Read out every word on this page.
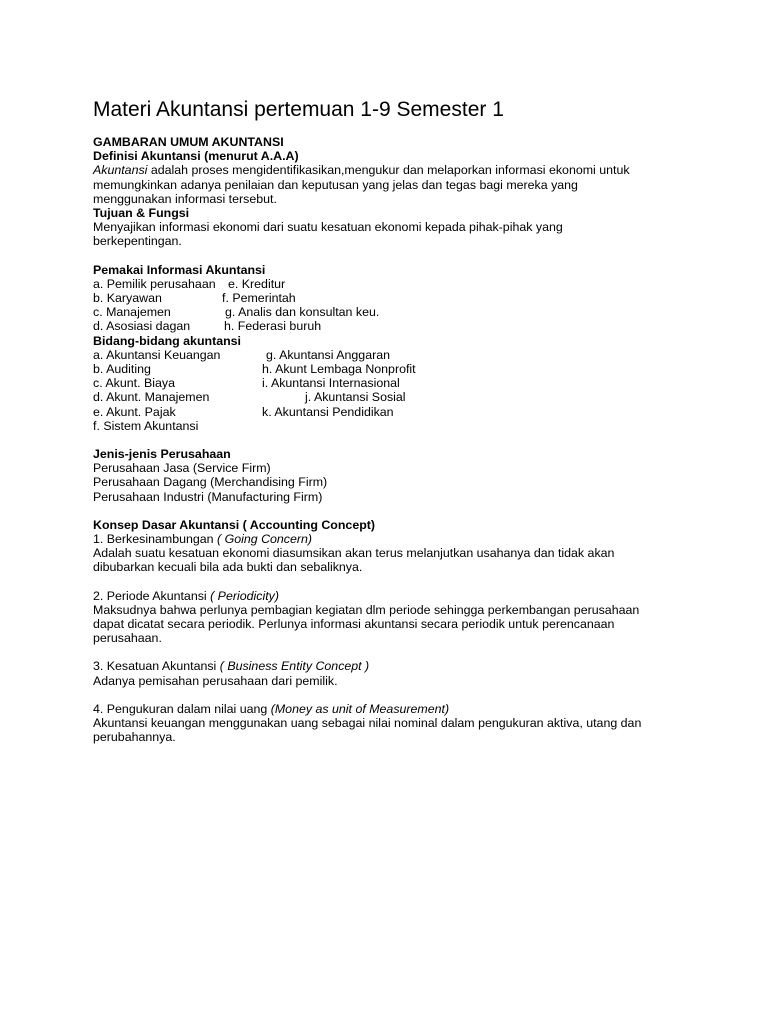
Materi Akuntansi pertemuan 1-9 Semester 1
GAMBARAN UMUM AKUNTANSI
Definisi Akuntansi (menurut A.A.A)
Akuntansi adalah proses mengidentifikasikan,mengukur dan melaporkan informasi ekonomi untuk memungkinkan adanya penilaian dan keputusan yang jelas dan tegas bagi mereka yang menggunakan informasi tersebut.
Tujuan & Fungsi
Menyajikan informasi ekonomi dari suatu kesatuan ekonomi kepada pihak-pihak yang berkepentingan.
Pemakai Informasi Akuntansi
a. Pemilik perusahaan e. Kreditur
b. Karyawan	f. Pemerintah
c. Manajemen	g. Analis dan konsultan keu.
d. Asosiasi dagan	h. Federasi buruh
Bidang-bidang akuntansi
a. Akuntansi Keuangan	g. Akuntansi Anggaran
b. Auditing	h. Akunt Lembaga Nonprofit
c. Akunt. Biaya	i. Akuntansi Internasional
d. Akunt. Manajemen	j. Akuntansi Sosial
e. Akunt. Pajak	k. Akuntansi Pendidikan
f. Sistem Akuntansi
Jenis-jenis Perusahaan
Perusahaan Jasa (Service Firm)
Perusahaan Dagang (Merchandising Firm)
Perusahaan Industri (Manufacturing Firm)
Konsep Dasar Akuntansi ( Accounting Concept)
1. Berkesinambungan ( Going Concern)
Adalah suatu kesatuan ekonomi diasumsikan akan terus melanjutkan usahanya dan tidak akan dibubarkan kecuali bila ada bukti dan sebaliknya.
2. Periode Akuntansi ( Periodicity)
Maksudnya bahwa perlunya pembagian kegiatan dlm periode sehingga perkembangan perusahaan dapat dicatat secara periodik. Perlunya informasi akuntansi secara periodik untuk perencanaan perusahaan.
3. Kesatuan Akuntansi ( Business Entity Concept )
Adanya pemisahan perusahaan dari pemilik.
4. Pengukuran dalam nilai uang (Money as unit of Measurement)
Akuntansi keuangan menggunakan uang sebagai nilai nominal dalam pengukuran aktiva, utang dan perubahannya.
